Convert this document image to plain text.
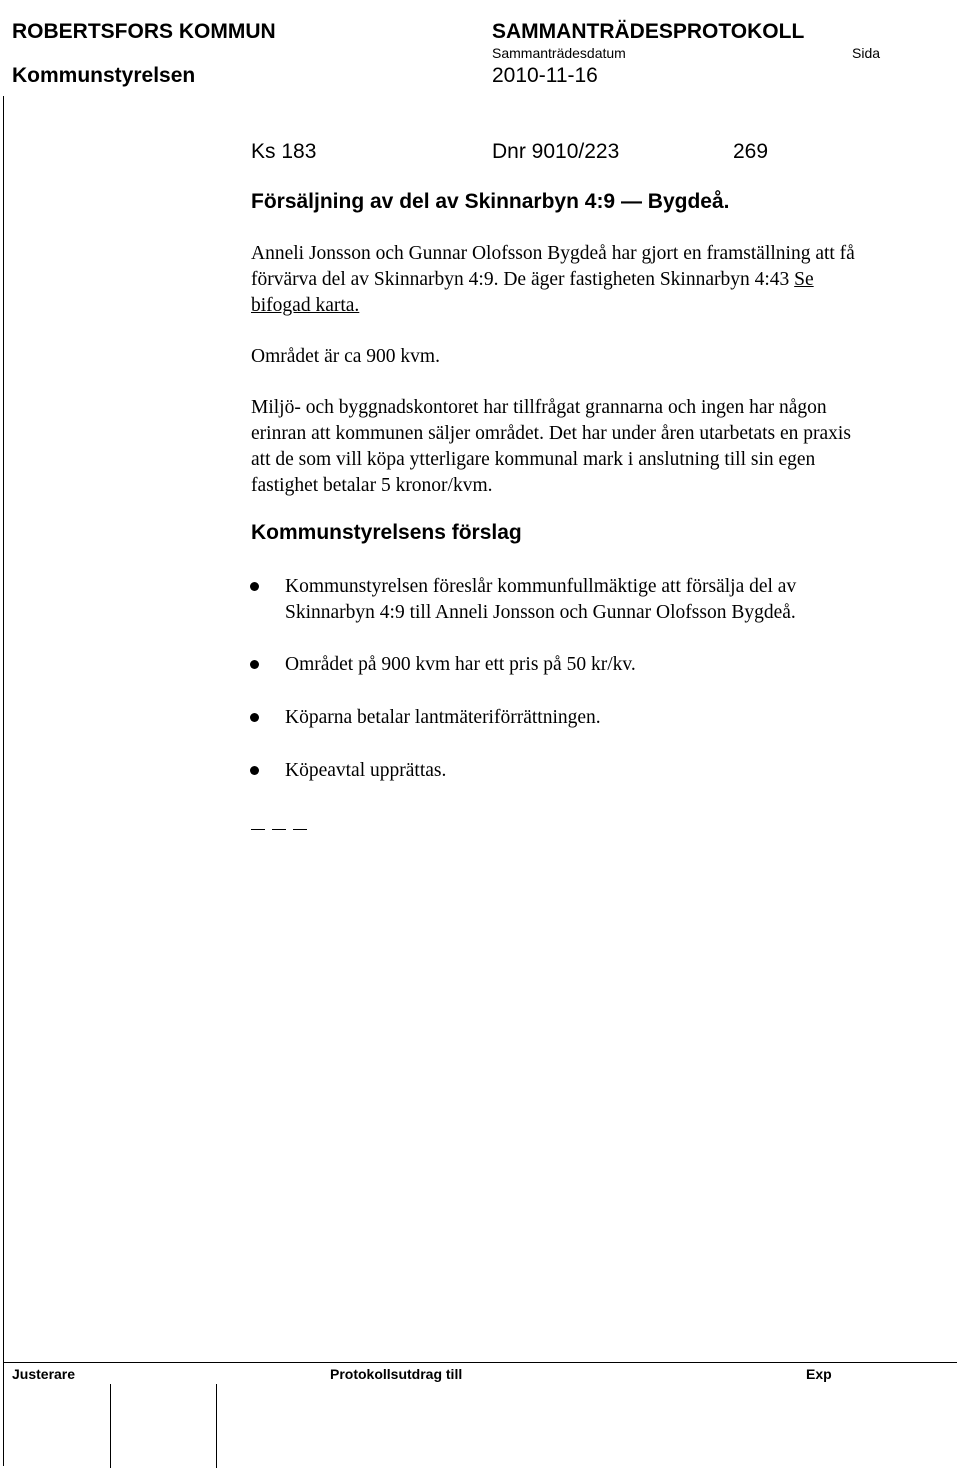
ROBERTSFORS KOMMUN	SAMMANTRÄDESPROTOKOLL
Sammanträdesdatum	Sida
Kommunstyrelsen	2010-11-16
Ks 183	Dnr 9010/223	269
Försäljning av del av Skinnarbyn 4:9 — Bygdeå.
Anneli Jonsson och Gunnar Olofsson Bygdeå har gjort en framställning att få
förvärva del av Skinnarbyn 4:9. De äger fastigheten Skinnarbyn 4:43 Se
bifogad karta.
Området är ca 900 kvm.
Miljö- och byggnadskontoret har tillfrågat grannarna och ingen har någon
erinran att kommunen säljer området. Det har under åren utarbetats en praxis
att de som vill köpa ytterligare kommunal mark i anslutning till sin egen
fastighet betalar 5 kronor/kvm.
Kommunstyrelsens förslag
Kommunstyrelsen föreslår kommunfullmäktige att försälja del av
Skinnarbyn 4:9 till Anneli Jonsson och Gunnar Olofsson Bygdeå.
Området på 900 kvm har ett pris på 50 kr/kv.
Köparna betalar lantmäteriförrättningen.
Köpeavtal upprättas.
Justerare	Protokollsutdrag till	Exp
